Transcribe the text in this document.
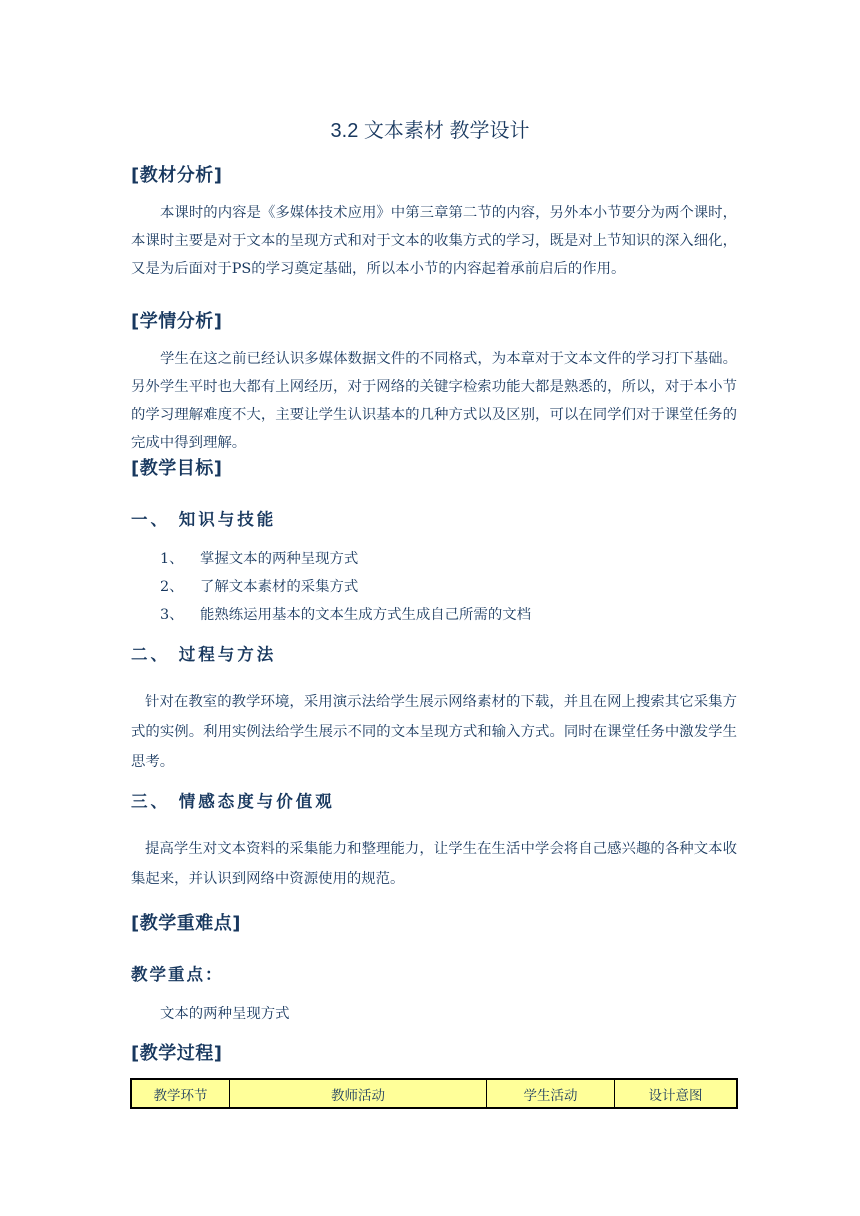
3.2 文本素材 教学设计
[教材分析]
本课时的内容是《多媒体技术应用》中第三章第二节的内容，另外本小节要分为两个课时，本课时主要是对于文本的呈现方式和对于文本的收集方式的学习，既是对上节知识的深入细化，又是为后面对于PS的学习奠定基础，所以本小节的内容起着承前启后的作用。
[学情分析]
学生在这之前已经认识多媒体数据文件的不同格式，为本章对于文本文件的学习打下基础。另外学生平时也大都有上网经历，对于网络的关键字检索功能大都是熟悉的，所以，对于本小节的学习理解难度不大，主要让学生认识基本的几种方式以及区别，可以在同学们对于课堂任务的完成中得到理解。
[教学目标]
一、 知识与技能
1、 掌握文本的两种呈现方式
2、 了解文本素材的采集方式
3、 能熟练运用基本的文本生成方式生成自己所需的文档
二、 过程与方法
针对在教室的教学环境，采用演示法给学生展示网络素材的下载，并且在网上搜索其它采集方式的实例。利用实例法给学生展示不同的文本呈现方式和输入方式。同时在课堂任务中激发学生思考。
三、 情感态度与价值观
提高学生对文本资料的采集能力和整理能力，让学生在生活中学会将自己感兴趣的各种文本收集起来，并认识到网络中资源使用的规范。
[教学重难点]
教学重点：
文本的两种呈现方式
[教学过程]
教学环节	教师活动	学生活动	设计意图
